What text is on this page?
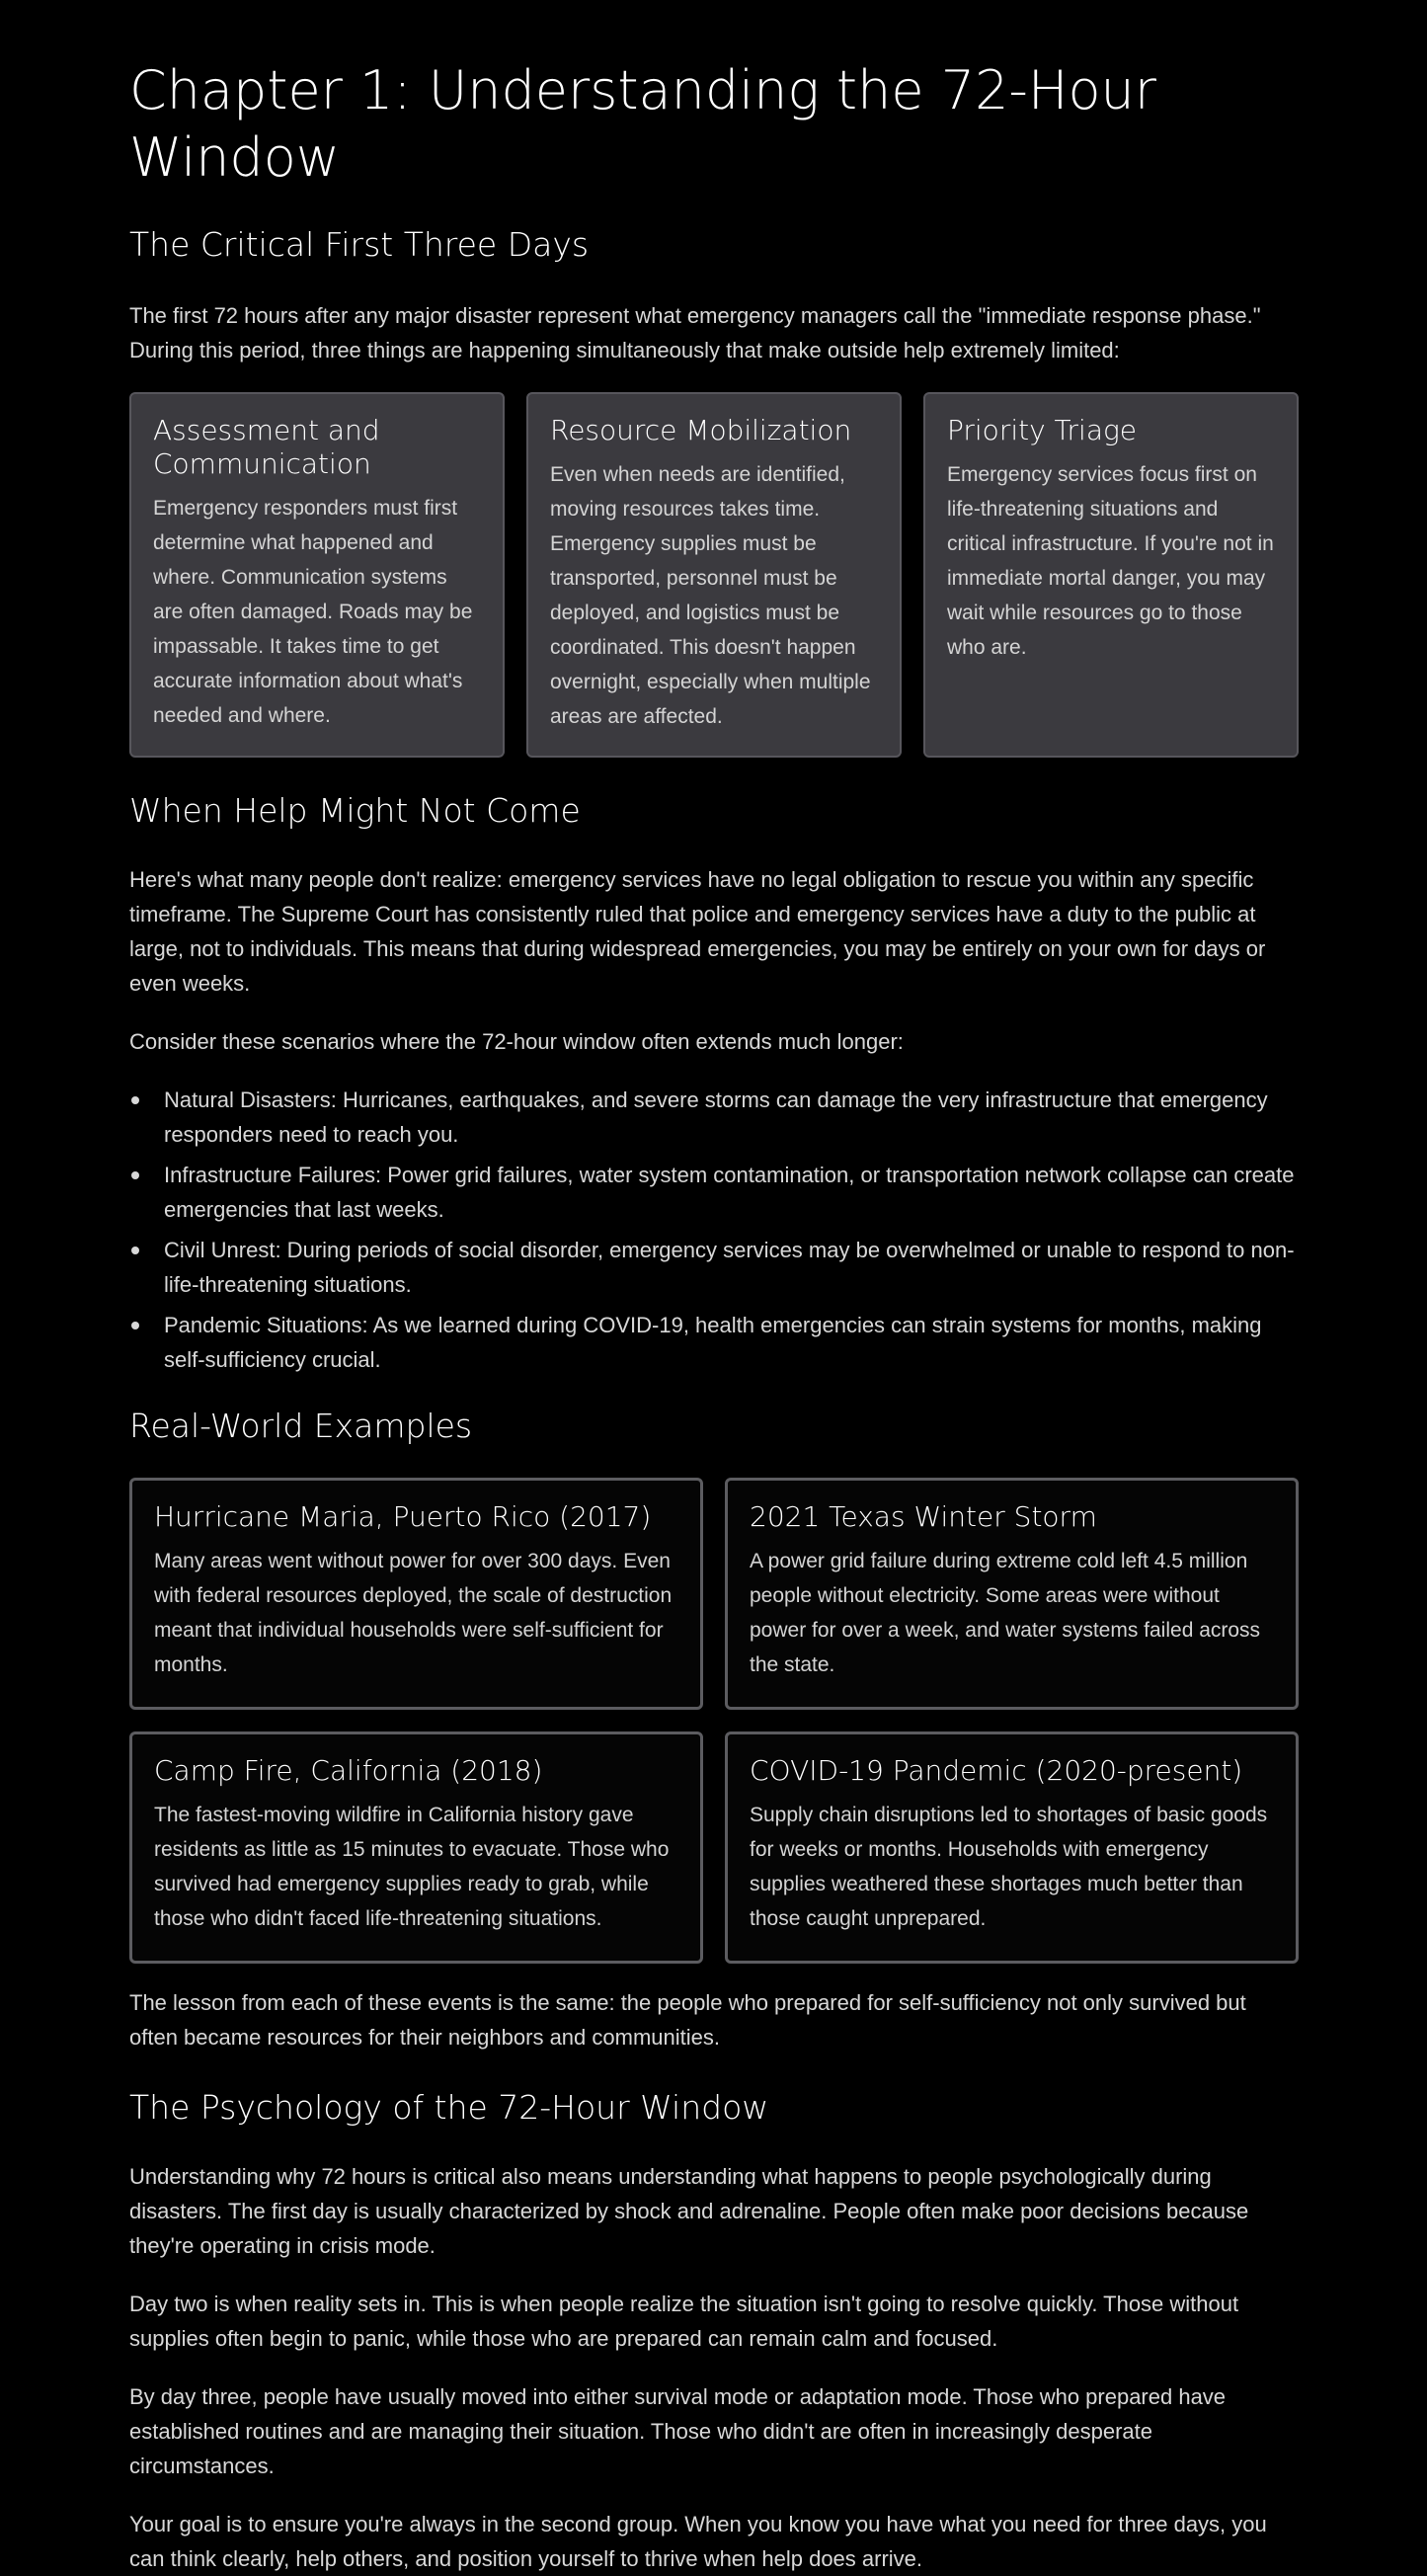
Chapter 1: Understanding the 72-Hour Window
The Critical First Three Days

The first 72 hours after any major disaster represent what emergency managers call the "immediate response phase." During this period, three things are happening simultaneously that make outside help extremely limited:

Assessment and Communication
Emergency responders must first determine what happened and where. Communication systems are often damaged. Roads may be impassable. It takes time to get accurate information about what's needed and where.
Resource Mobilization
Even when needs are identified, moving resources takes time. Emergency supplies must be transported, personnel must be deployed, and logistics must be coordinated. This doesn't happen overnight, especially when multiple areas are affected.
Priority Triage
Emergency services focus first on life-threatening situations and critical infrastructure. If you're not in immediate mortal danger, you may wait while resources go to those who are.
When Help Might Not Come

Here's what many people don't realize: emergency services have no legal obligation to rescue you within any specific timeframe. The Supreme Court has consistently ruled that police and emergency services have a duty to the public at large, not to individuals. This means that during widespread emergencies, you may be entirely on your own for days or even weeks.

Consider these scenarios where the 72-hour window often extends much longer:

Natural Disasters: Hurricanes, earthquakes, and severe storms can damage the very infrastructure that emergency responders need to reach you.
Infrastructure Failures: Power grid failures, water system contamination, or transportation network collapse can create emergencies that last weeks.
Civil Unrest: During periods of social disorder, emergency services may be overwhelmed or unable to respond to non-life-threatening situations.
Pandemic Situations: As we learned during COVID-19, health emergencies can strain systems for months, making self-sufficiency crucial.
Real-World Examples
Hurricane Maria, Puerto Rico (2017)
Many areas went without power for over 300 days. Even with federal resources deployed, the scale of destruction meant that individual households were self-sufficient for months.
2021 Texas Winter Storm
A power grid failure during extreme cold left 4.5 million people without electricity. Some areas were without power for over a week, and water systems failed across the state.
Camp Fire, California (2018)
The fastest-moving wildfire in California history gave residents as little as 15 minutes to evacuate. Those who survived had emergency supplies ready to grab, while those who didn't faced life-threatening situations.
COVID-19 Pandemic (2020-present)
Supply chain disruptions led to shortages of basic goods for weeks or months. Households with emergency supplies weathered these shortages much better than those caught unprepared.

The lesson from each of these events is the same: the people who prepared for self-sufficiency not only survived but often became resources for their neighbors and communities.

The Psychology of the 72-Hour Window

Understanding why 72 hours is critical also means understanding what happens to people psychologically during disasters. The first day is usually characterized by shock and adrenaline. People often make poor decisions because they're operating in crisis mode.

Day two is when reality sets in. This is when people realize the situation isn't going to resolve quickly. Those without supplies often begin to panic, while those who are prepared can remain calm and focused.

By day three, people have usually moved into either survival mode or adaptation mode. Those who prepared have established routines and are managing their situation. Those who didn't are often in increasingly desperate circumstances.

Your goal is to ensure you're always in the second group. When you know you have what you need for three days, you can think clearly, help others, and position yourself to thrive when help does arrive.
